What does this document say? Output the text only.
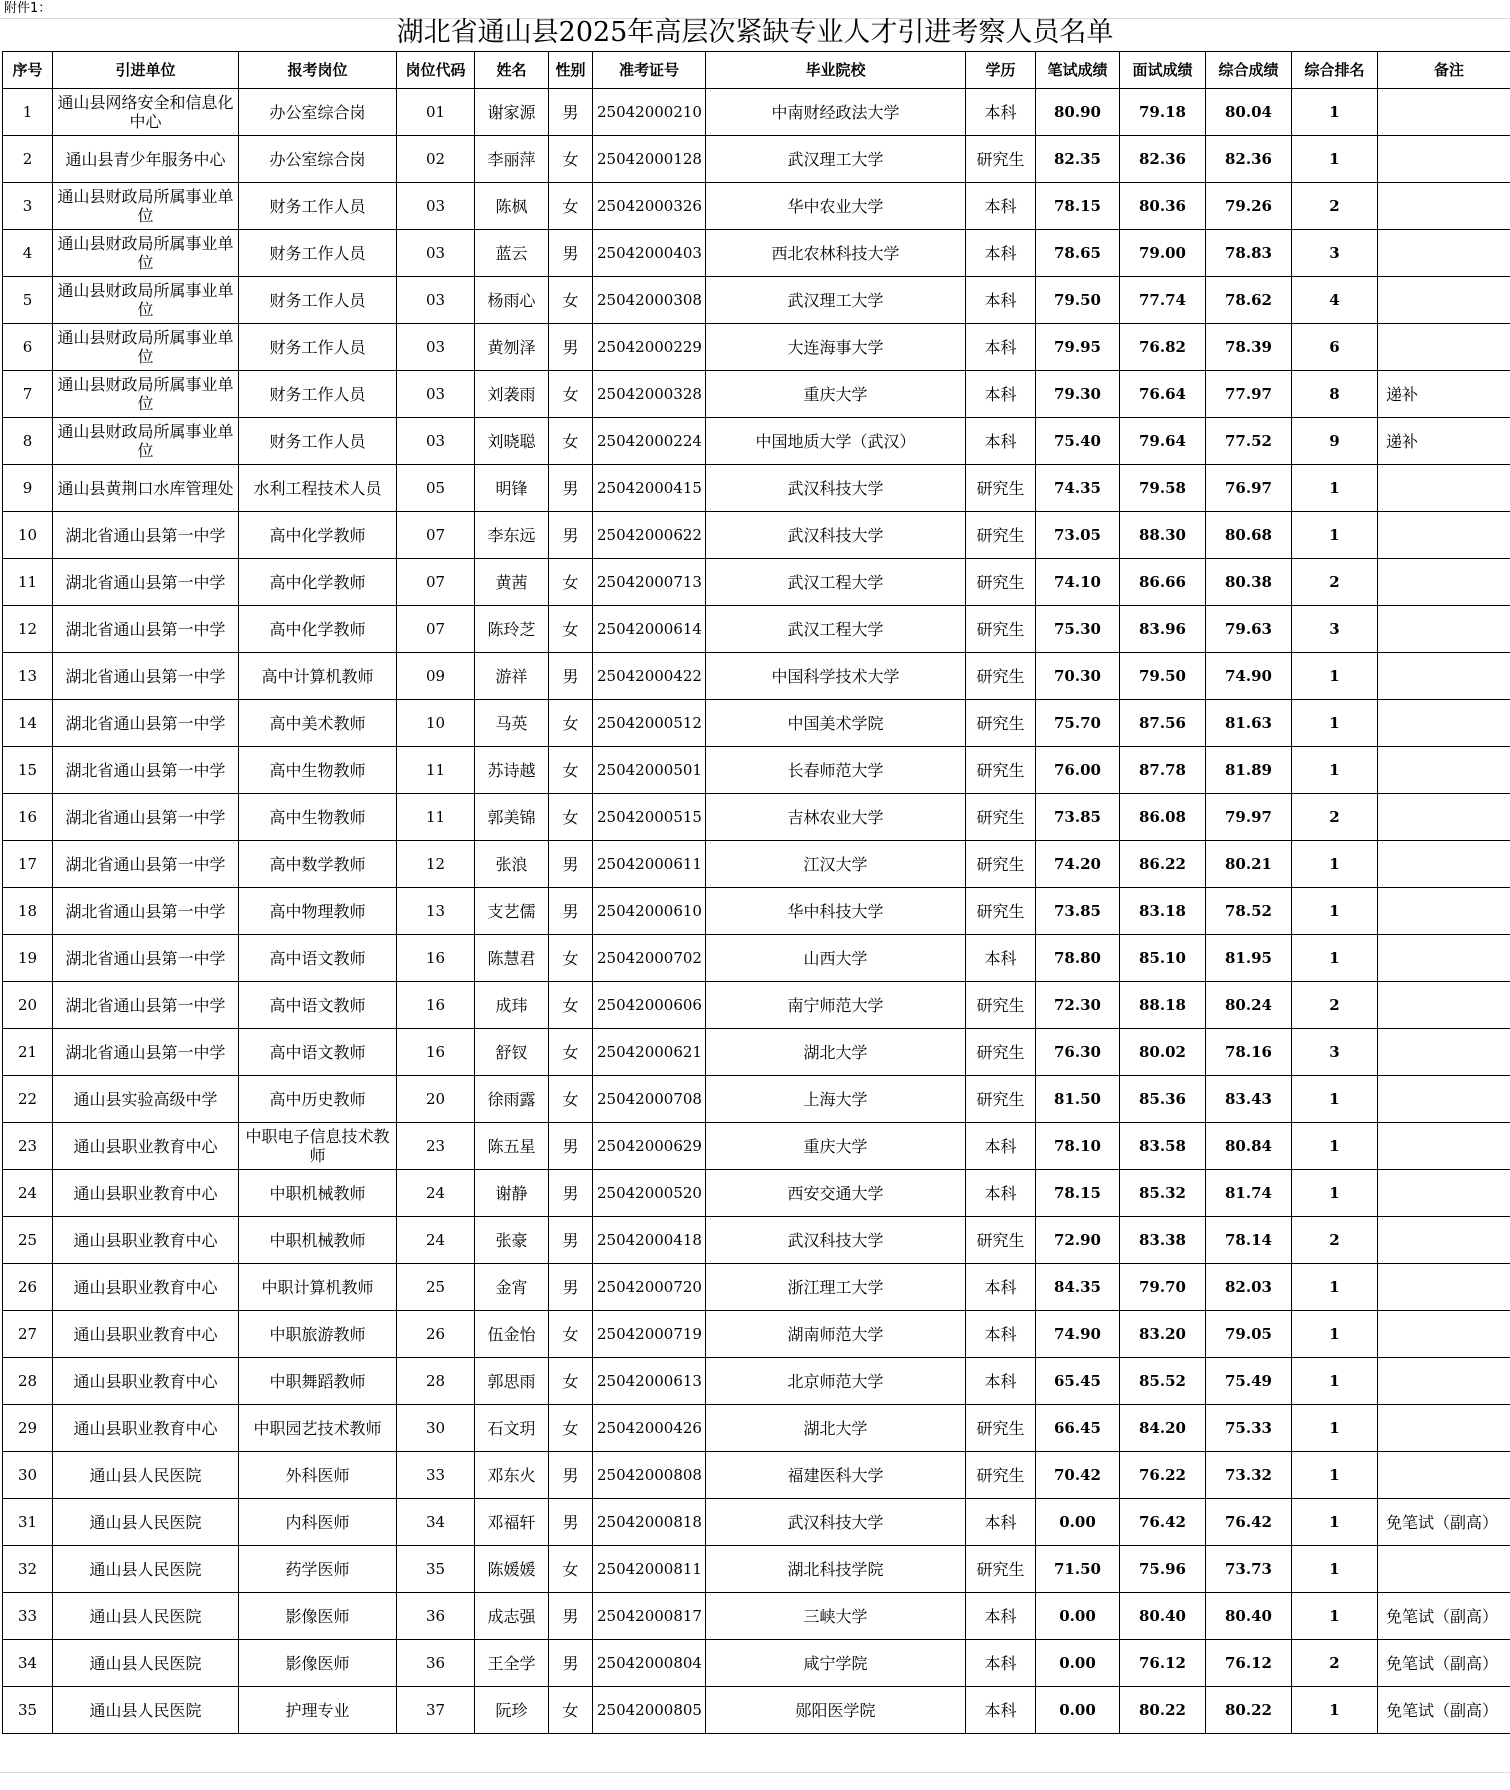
附件1：
湖北省通山县2025年高层次紧缺专业人才引进考察人员名单
序号	引进单位	报考岗位	岗位代码	姓名	性别	准考证号	毕业院校	学历	笔试成绩	面试成绩	综合成绩	综合排名	备注
1	通山县网络安全和信息化中心	办公室综合岗	01	谢家源	男	25042000210	中南财经政法大学	本科	80.90	79.18	80.04	1	
2	通山县青少年服务中心	办公室综合岗	02	李丽萍	女	25042000128	武汉理工大学	研究生	82.35	82.36	82.36	1	
3	通山县财政局所属事业单位	财务工作人员	03	陈枫	女	25042000326	华中农业大学	本科	78.15	80.36	79.26	2	
4	通山县财政局所属事业单位	财务工作人员	03	蓝云	男	25042000403	西北农林科技大学	本科	78.65	79.00	78.83	3	
5	通山县财政局所属事业单位	财务工作人员	03	杨雨心	女	25042000308	武汉理工大学	本科	79.50	77.74	78.62	4	
6	通山县财政局所属事业单位	财务工作人员	03	黄刎泽	男	25042000229	大连海事大学	本科	79.95	76.82	78.39	6	
7	通山县财政局所属事业单位	财务工作人员	03	刘袭雨	女	25042000328	重庆大学	本科	79.30	76.64	77.97	8	递补
8	通山县财政局所属事业单位	财务工作人员	03	刘晓聪	女	25042000224	中国地质大学（武汉）	本科	75.40	79.64	77.52	9	递补
9	通山县黄荆口水库管理处	水利工程技术人员	05	明锋	男	25042000415	武汉科技大学	研究生	74.35	79.58	76.97	1	
10	湖北省通山县第一中学	高中化学教师	07	李东远	男	25042000622	武汉科技大学	研究生	73.05	88.30	80.68	1	
11	湖北省通山县第一中学	高中化学教师	07	黄茜	女	25042000713	武汉工程大学	研究生	74.10	86.66	80.38	2	
12	湖北省通山县第一中学	高中化学教师	07	陈玲芝	女	25042000614	武汉工程大学	研究生	75.30	83.96	79.63	3	
13	湖北省通山县第一中学	高中计算机教师	09	游祥	男	25042000422	中国科学技术大学	研究生	70.30	79.50	74.90	1	
14	湖北省通山县第一中学	高中美术教师	10	马英	女	25042000512	中国美术学院	研究生	75.70	87.56	81.63	1	
15	湖北省通山县第一中学	高中生物教师	11	苏诗越	女	25042000501	长春师范大学	研究生	76.00	87.78	81.89	1	
16	湖北省通山县第一中学	高中生物教师	11	郭美锦	女	25042000515	吉林农业大学	研究生	73.85	86.08	79.97	2	
17	湖北省通山县第一中学	高中数学教师	12	张浪	男	25042000611	江汉大学	研究生	74.20	86.22	80.21	1	
18	湖北省通山县第一中学	高中物理教师	13	支艺儒	男	25042000610	华中科技大学	研究生	73.85	83.18	78.52	1	
19	湖北省通山县第一中学	高中语文教师	16	陈慧君	女	25042000702	山西大学	本科	78.80	85.10	81.95	1	
20	湖北省通山县第一中学	高中语文教师	16	成玮	女	25042000606	南宁师范大学	研究生	72.30	88.18	80.24	2	
21	湖北省通山县第一中学	高中语文教师	16	舒钗	女	25042000621	湖北大学	研究生	76.30	80.02	78.16	3	
22	通山县实验高级中学	高中历史教师	20	徐雨露	女	25042000708	上海大学	研究生	81.50	85.36	83.43	1	
23	通山县职业教育中心	中职电子信息技术教师	23	陈五星	男	25042000629	重庆大学	本科	78.10	83.58	80.84	1	
24	通山县职业教育中心	中职机械教师	24	谢静	男	25042000520	西安交通大学	本科	78.15	85.32	81.74	1	
25	通山县职业教育中心	中职机械教师	24	张豪	男	25042000418	武汉科技大学	研究生	72.90	83.38	78.14	2	
26	通山县职业教育中心	中职计算机教师	25	金宵	男	25042000720	浙江理工大学	本科	84.35	79.70	82.03	1	
27	通山县职业教育中心	中职旅游教师	26	伍金怡	女	25042000719	湖南师范大学	本科	74.90	83.20	79.05	1	
28	通山县职业教育中心	中职舞蹈教师	28	郭思雨	女	25042000613	北京师范大学	本科	65.45	85.52	75.49	1	
29	通山县职业教育中心	中职园艺技术教师	30	石文玥	女	25042000426	湖北大学	研究生	66.45	84.20	75.33	1	
30	通山县人民医院	外科医师	33	邓东火	男	25042000808	福建医科大学	研究生	70.42	76.22	73.32	1	
31	通山县人民医院	内科医师	34	邓福轩	男	25042000818	武汉科技大学	本科	0.00	76.42	76.42	1	免笔试（副高）
32	通山县人民医院	药学医师	35	陈媛媛	女	25042000811	湖北科技学院	研究生	71.50	75.96	73.73	1	
33	通山县人民医院	影像医师	36	成志强	男	25042000817	三峡大学	本科	0.00	80.40	80.40	1	免笔试（副高）
34	通山县人民医院	影像医师	36	王全学	男	25042000804	咸宁学院	本科	0.00	76.12	76.12	2	免笔试（副高）
35	通山县人民医院	护理专业	37	阮珍	女	25042000805	郧阳医学院	本科	0.00	80.22	80.22	1	免笔试（副高）
